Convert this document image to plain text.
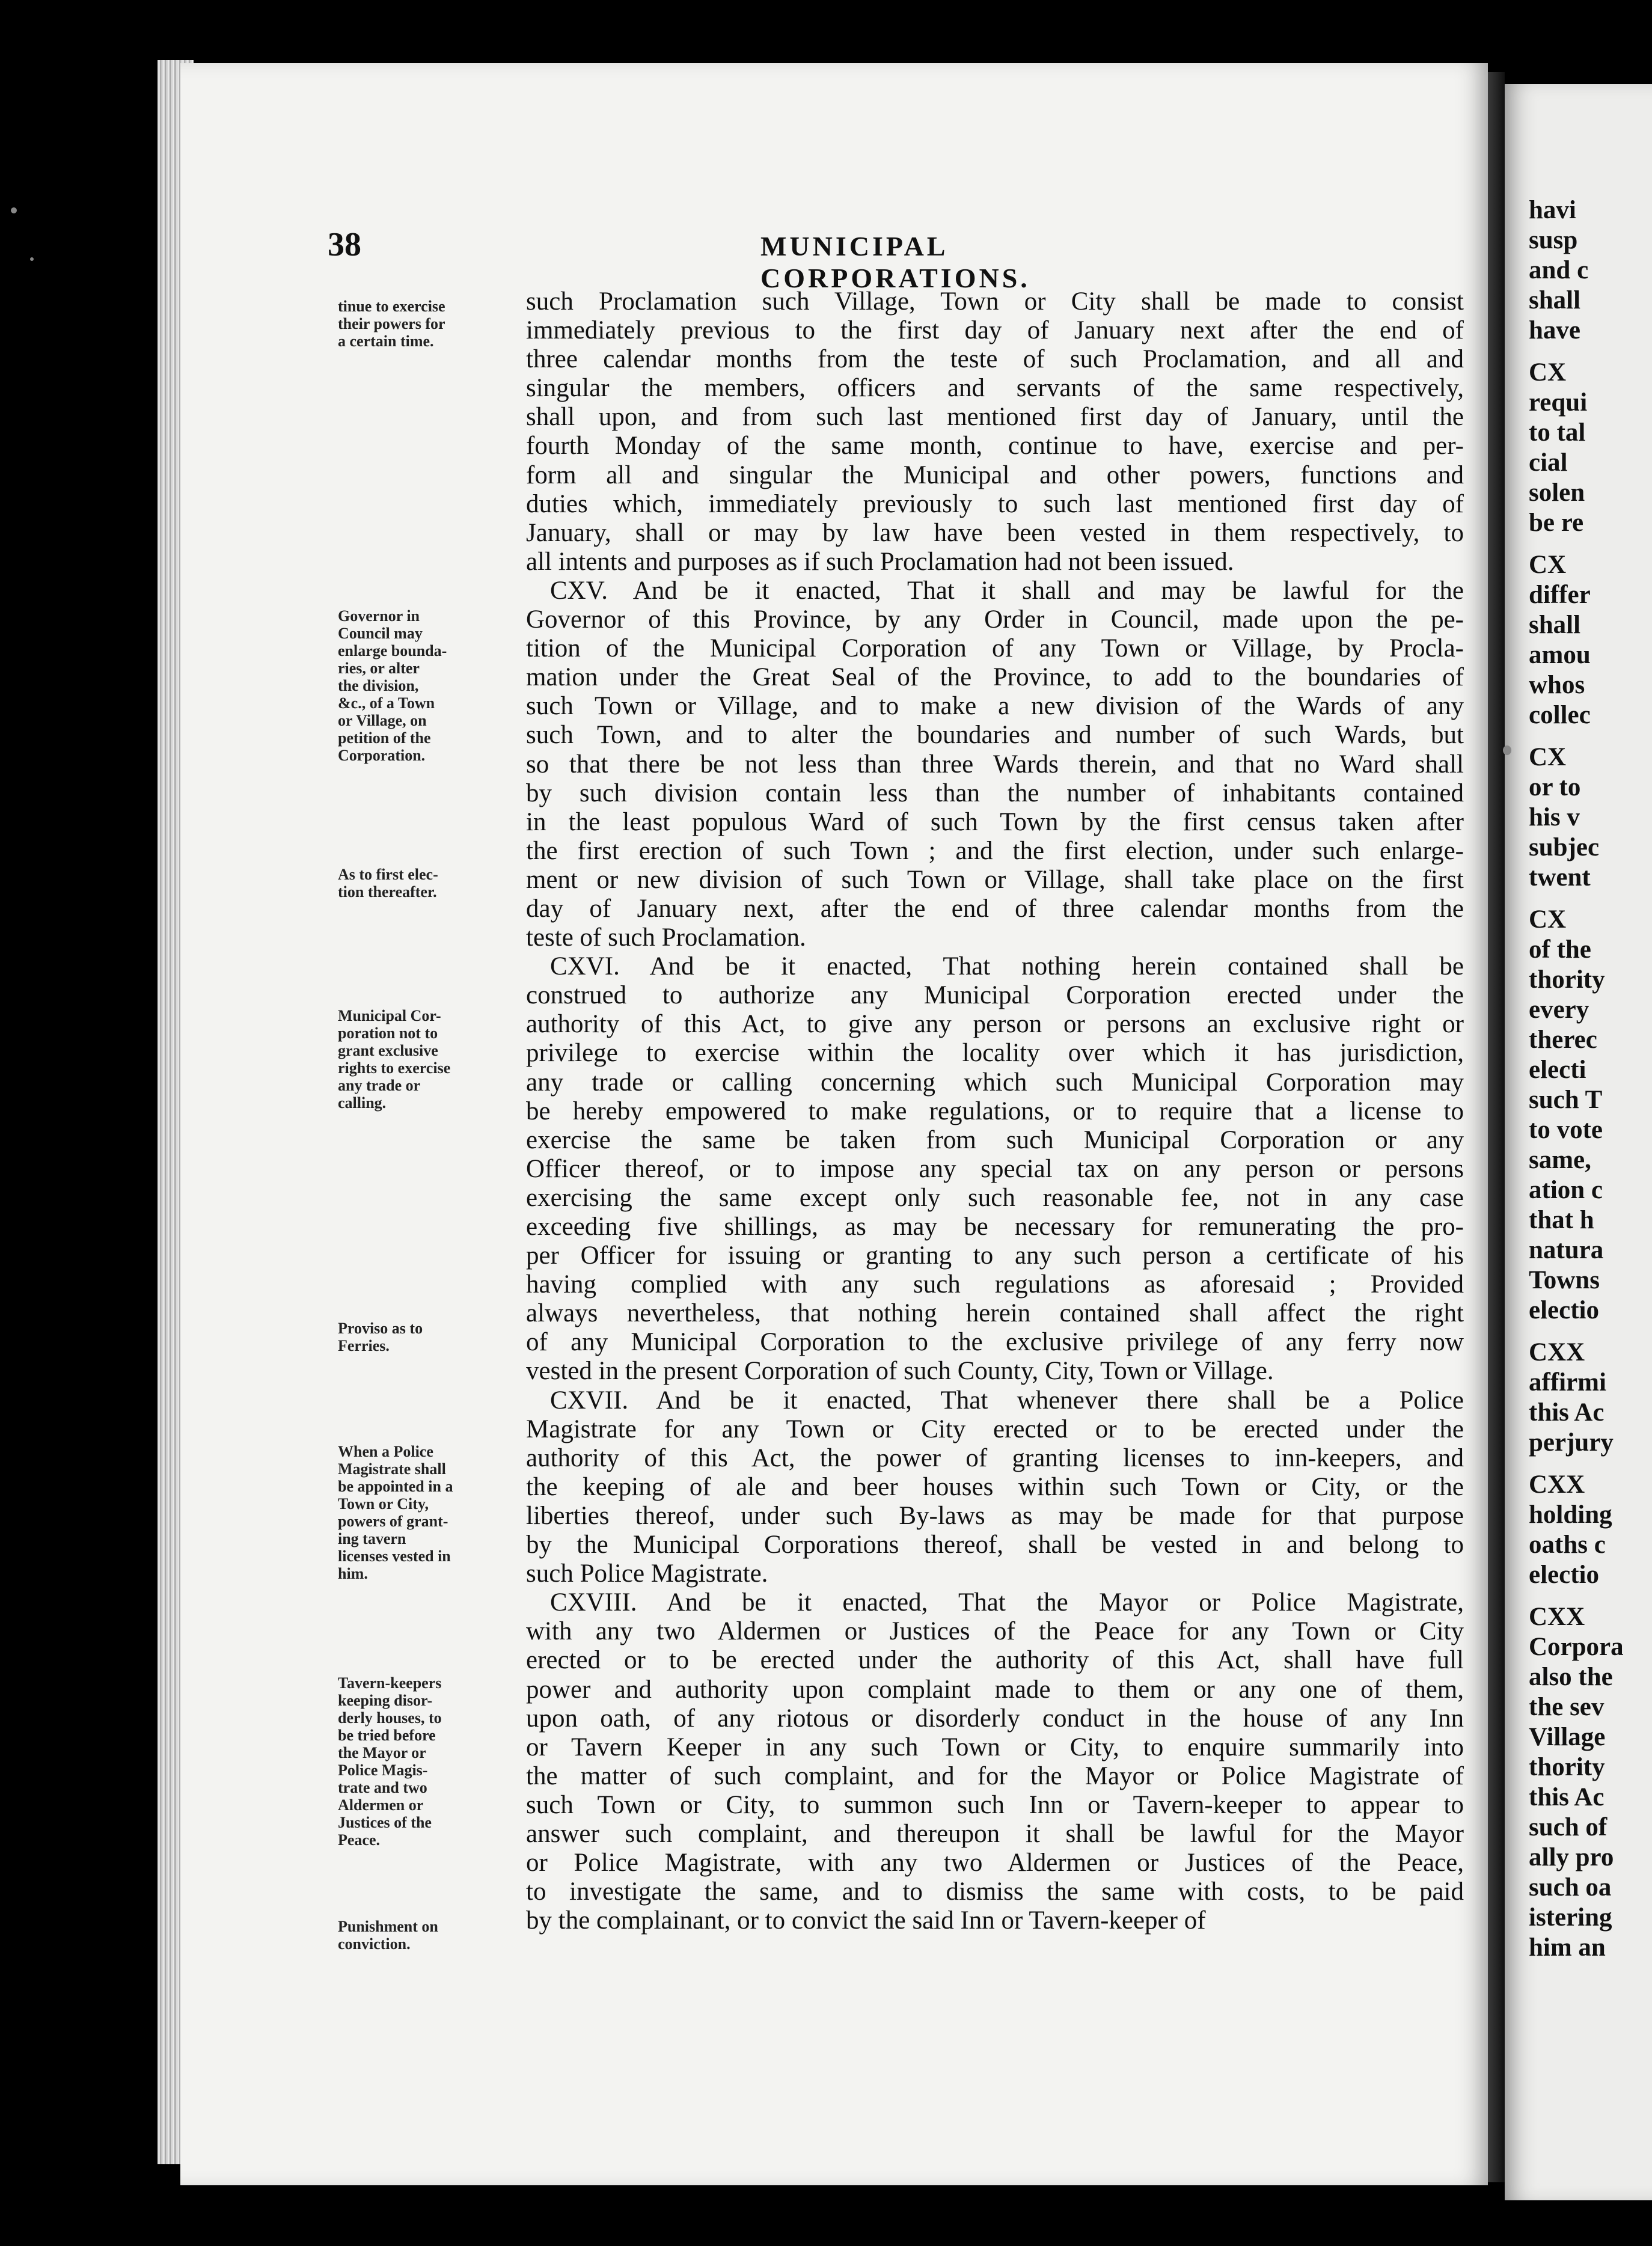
havi
susp
and c
shall
have
CX
requi
to tal
cial
solen
be re
CX
differ
shall
amou
whos
collec
CX
or to
his v
subjec
twent
CX
of the
thority
every
therec
electi
such T
to vote
same,
ation c
that h
natura
Towns
electio
CXX
affirmi
this Ac
perjury
CXX
holding
oaths c
electio
CXX
Corpora
also the
the sev
Village
thority
this Ac
such of
ally pro
such oa
istering
him an
38	MUNICIPAL CORPORATIONS.
such Proclamation such Village, Town or City shall be made to consist
immediately previous to the first day of January next after the end of
three calendar months from the teste of such Proclamation, and all and
singular the members, officers and servants of the same respectively,
shall upon, and from such last mentioned first day of January, until the
fourth Monday of the same month, continue to have, exercise and per-
form all and singular the Municipal and other powers, functions and
duties which, immediately previously to such last mentioned first day of
January, shall or may by law have been vested in them respectively, to
all intents and purposes as if such Proclamation had not been issued.
CXV. And be it enacted, That it shall and may be lawful for the
Governor of this Province, by any Order in Council, made upon the pe-
tition of the Municipal Corporation of any Town or Village, by Procla-
mation under the Great Seal of the Province, to add to the boundaries of
such Town or Village, and to make a new division of the Wards of any
such Town, and to alter the boundaries and number of such Wards, but
so that there be not less than three Wards therein, and that no Ward shall
by such division contain less than the number of inhabitants contained
in the least populous Ward of such Town by the first census taken after
the first erection of such Town ; and the first election, under such enlarge-
ment or new division of such Town or Village, shall take place on the first
day of January next, after the end of three calendar months from the
teste of such Proclamation.
CXVI. And be it enacted, That nothing herein contained shall be
construed to authorize any Municipal Corporation erected under the
authority of this Act, to give any person or persons an exclusive right or
privilege to exercise within the locality over which it has jurisdiction,
any trade or calling concerning which such Municipal Corporation may
be hereby empowered to make regulations, or to require that a license to
exercise the same be taken from such Municipal Corporation or any
Officer thereof, or to impose any special tax on any person or persons
exercising the same except only such reasonable fee, not in any case
exceeding five shillings, as may be necessary for remunerating the pro-
per Officer for issuing or granting to any such person a certificate of his
having complied with any such regulations as aforesaid ; Provided
always nevertheless, that nothing herein contained shall affect the right
of any Municipal Corporation to the exclusive privilege of any ferry now
vested in the present Corporation of such County, City, Town or Village.
CXVII. And be it enacted, That whenever there shall be a Police
Magistrate for any Town or City erected or to be erected under the
authority of this Act, the power of granting licenses to inn-keepers, and
the keeping of ale and beer houses within such Town or City, or the
liberties thereof, under such By-laws as may be made for that purpose
by the Municipal Corporations thereof, shall be vested in and belong to
such Police Magistrate.
CXVIII. And be it enacted, That the Mayor or Police Magistrate,
with any two Aldermen or Justices of the Peace for any Town or City
erected or to be erected under the authority of this Act, shall have full
power and authority upon complaint made to them or any one of them,
upon oath, of any riotous or disorderly conduct in the house of any Inn
or Tavern Keeper in any such Town or City, to enquire summarily into
the matter of such complaint, and for the Mayor or Police Magistrate of
such Town or City, to summon such Inn or Tavern-keeper to appear to
answer such complaint, and thereupon it shall be lawful for the Mayor
or Police Magistrate, with any two Aldermen or Justices of the Peace,
to investigate the same, and to dismiss the same with costs, to be paid
by the complainant, or to convict the said Inn or Tavern-keeper of
tinue to exercise
their powers for
a certain time.
Governor in
Council may
enlarge bounda-
ries, or alter
the division,
&c., of a Town
or Village, on
petition of the
Corporation.
As to first elec-
tion thereafter.
Municipal Cor-
poration not to
grant exclusive
rights to exercise
any trade or
calling.
Proviso as to
Ferries.
When a Police
Magistrate shall
be appointed in a
Town or City,
powers of grant-
ing tavern
licenses vested in
him.
Tavern-keepers
keeping disor-
derly houses, to
be tried before
the Mayor or
Police Magis-
trate and two
Aldermen or
Justices of the
Peace.
Punishment on
conviction.
